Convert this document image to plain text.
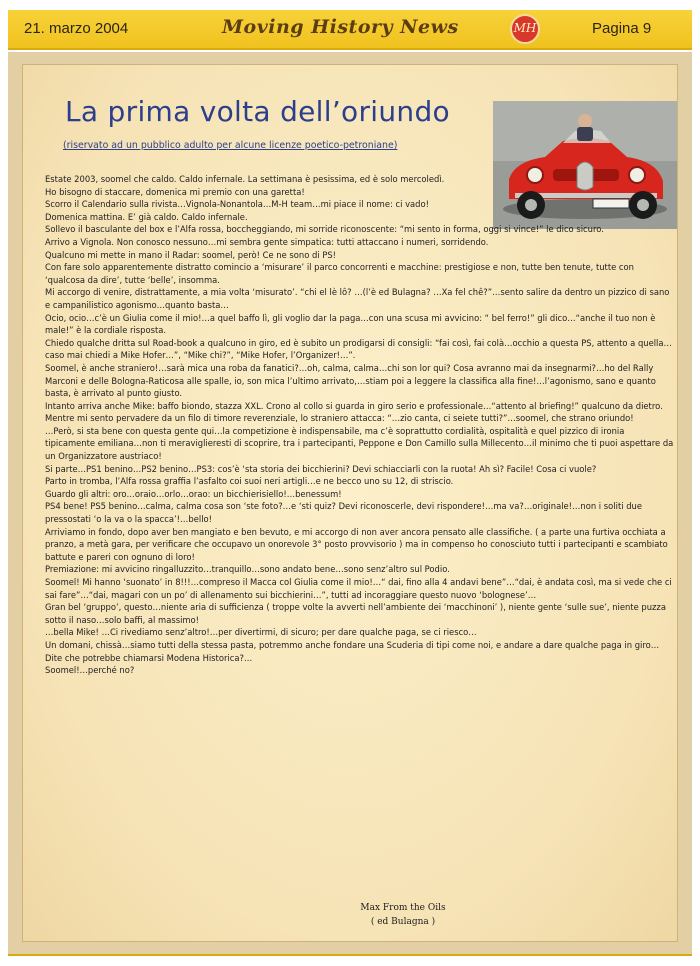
21. marzo 2004	Moving History News	MH	Pagina 9
La prima volta dell’oriundo
(riservato ad un pubblico adulto per alcune licenze poetico-petroniane)

Estate 2003, soomel che caldo. Caldo infernale. La settimana è pesissima, ed è solo mercoledì.

Ho bisogno di staccare, domenica mi premio con una garetta!

Scorro il Calendario sulla rivista…Vignola-Nonantola…M-H team…mi piace il nome: ci vado!

Domenica mattina. E’ già caldo. Caldo infernale.

Sollevo il basculante del box e l’Alfa rossa, boccheggiando, mi sorride riconoscente: “mi sento in forma, oggi si vince!” le dico sicuro.

Arrivo a Vignola. Non conosco nessuno…mi sembra gente simpatica: tutti attaccano i numeri, sorridendo.

Qualcuno mi mette in mano il Radar: soomel, però! Ce ne sono di PS!

Con fare solo apparentemente distratto comincio a ‘misurare’ il parco concorrenti e macchine: prestigiose e non, tutte ben tenute, tutte con ‘qualcosa da dire’, tutte ‘belle’, insomma.

Mi accorgo di venire, distrattamente, a mia volta ‘misurato’. “chi el lè lô? …(l’è ed Bulagna? …Xa fel chê?”…sento salire da dentro un pizzico di sano e campanilistico agonismo…quanto basta…

Ocio, ocio…c’è un Giulia come il mio!…a quel baffo lì, gli voglio dar la paga…con una scusa mi avvicino: “ bel ferro!” gli dico…“anche il tuo non è male!” è la cordiale risposta.

Chiedo qualche dritta sul Road-book a qualcuno in giro, ed è subito un prodigarsi di consigli: “fai così, fai colà…occhio a questa PS, attento a quella…caso mai chiedi a Mike Hofer…”, “Mike chi?”, “Mike Hofer, l’Organizer!…”.

Soomel, è anche straniero!…sarà mica una roba da fanatici?…oh, calma, calma…chi son lor qui? Cosa avranno mai da insegnarmi?…ho del Rally Marconi e delle Bologna-Raticosa alle spalle, io, son mica l’ultimo arrivato,…stiam poi a leggere la classifica alla fine!…l’agonismo, sano e quanto basta, è arrivato al punto giusto.

Intanto arriva anche Mike: baffo biondo, stazza XXL. Crono al collo si guarda in giro serio e professionale…“attento al briefing!” qualcuno da dietro.

Mentre mi sento pervadere da un filo di timore reverenziale, lo straniero attacca: “…zio canta, ci seiete tutti?”…soomel, che strano oriundo!

…Però, si sta bene con questa gente qui…la competizione è indispensabile, ma c’è soprattutto cordialità, ospitalità e quel pizzico di ironia tipicamente emiliana…non ti meraviglieresti di scoprire, tra i partecipanti, Peppone e Don Camillo sulla Millecento…il minimo che ti puoi aspettare da un Organizzatore austriaco!

Si parte…PS1 benino…PS2 benino…PS3: cos’è ‘sta storia dei bicchierini? Devi schiacciarli con la ruota! Ah sì? Facile! Cosa ci vuole?

Parto in tromba, l’Alfa rossa graffia l’asfalto coi suoi neri artigli…e ne becco uno su 12, di striscio.

Guardo gli altri: oro…oraio…orlo…orao: un bicchierisiello!…benessum!

PS4 bene! PS5 benino…calma, calma cosa son ‘ste foto?…e ‘sti quiz? Devi riconoscerle, devi rispondere!…ma va?…originale!…non i soliti due pressostati ‘o la va o la spacca’!…bello!

Arriviamo in fondo, dopo aver ben mangiato e ben bevuto, e mi accorgo di non aver ancora pensato alle classifiche. ( a parte una furtiva occhiata a pranzo, a metà gara, per verificare che occupavo un onorevole 3° posto provvisorio ) ma in compenso ho conosciuto tutti i partecipanti e scambiato battute e pareri con ognuno di loro!

Premiazione: mi avvicino ringalluzzito…tranquillo…sono andato bene…sono senz’altro sul Podio.

Soomel! Mi hanno ‘suonato’ in 8!!!…compreso il Macca col Giulia come il mio!…“ dai, fino alla 4 andavi bene”…“dai, è andata così, ma si vede che ci sai fare”…“dai, magari con un po’ di allenamento sui bicchierini…”, tutti ad incoraggiare questo nuovo ‘bolognese’…

Gran bel ‘gruppo’, questo…niente aria di sufficienza ( troppe volte la avverti nell’ambiente dei ‘macchinoni’ ), niente gente ‘sulle sue’, niente puzza sotto il naso…solo baffi, al massimo!

…bella Mike! …Ci rivediamo senz’altro!…per divertirmi, di sicuro; per dare qualche paga, se ci riesco…

Un domani, chissà…siamo tutti della stessa pasta, potremmo anche fondare una Scuderia di tipi come noi, e andare a dare qualche paga in giro…Dite che potrebbe chiamarsi Modena Historica?…

Soomel!…perché no?

Max From the Oils
( ed Bulagna )
